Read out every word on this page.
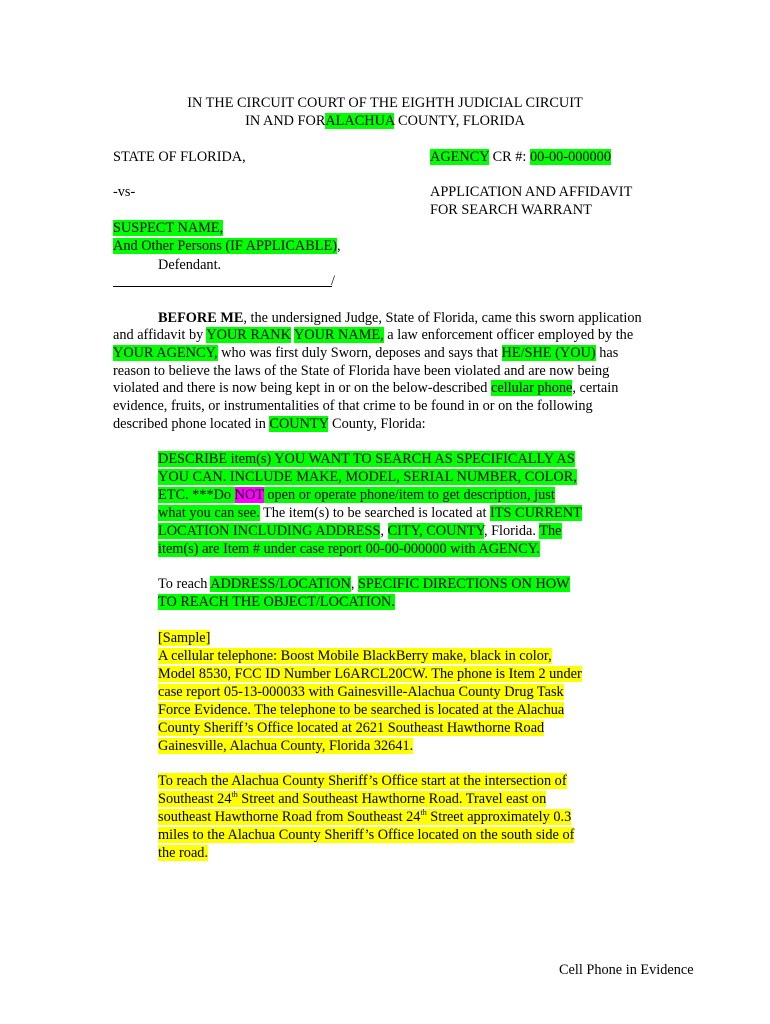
IN THE CIRCUIT COURT OF THE EIGHTH JUDICIAL CIRCUIT
IN AND FORALACHUA COUNTY, FLORIDA
STATE OF FLORIDA,
-vs-
SUSPECT NAME,
And Other Persons (IF APPLICABLE),
Defendant.
/
AGENCY CR #: 00-00-000000
APPLICATION AND AFFIDAVIT
FOR SEARCH WARRANT
BEFORE ME, the undersigned Judge, State of Florida, came this sworn application
and affidavit by YOUR RANK YOUR NAME, a law enforcement officer employed by the
YOUR AGENCY, who was first duly Sworn, deposes and says that HE/SHE (YOU) has
reason to believe the laws of the State of Florida have been violated and are now being
violated and there is now being kept in or on the below-described cellular phone, certain
evidence, fruits, or instrumentalities of that crime to be found in or on the following
described phone located in COUNTY County, Florida:
DESCRIBE item(s) YOU WANT TO SEARCH AS SPECIFICALLY AS
YOU CAN. INCLUDE MAKE, MODEL, SERIAL NUMBER, COLOR,
ETC. ***Do NOT open or operate phone/item to get description, just
what you can see. The item(s) to be searched is located at ITS CURRENT
LOCATION INCLUDING ADDRESS, CITY, COUNTY, Florida. The
item(s) are Item # under case report 00-00-000000 with AGENCY.
To reach ADDRESS/LOCATION, SPECIFIC DIRECTIONS ON HOW
TO REACH THE OBJECT/LOCATION.
[Sample]
A cellular telephone: Boost Mobile BlackBerry make, black in color,
Model 8530, FCC ID Number L6ARCL20CW. The phone is Item 2 under
case report 05-13-000033 with Gainesville-Alachua County Drug Task
Force Evidence. The telephone to be searched is located at the Alachua
County Sheriff’s Office located at 2621 Southeast Hawthorne Road
Gainesville, Alachua County, Florida 32641.
To reach the Alachua County Sheriff’s Office start at the intersection of
Southeast 24th Street and Southeast Hawthorne Road. Travel east on
southeast Hawthorne Road from Southeast 24th Street approximately 0.3
miles to the Alachua County Sheriff’s Office located on the south side of
the road.
Cell Phone in Evidence
